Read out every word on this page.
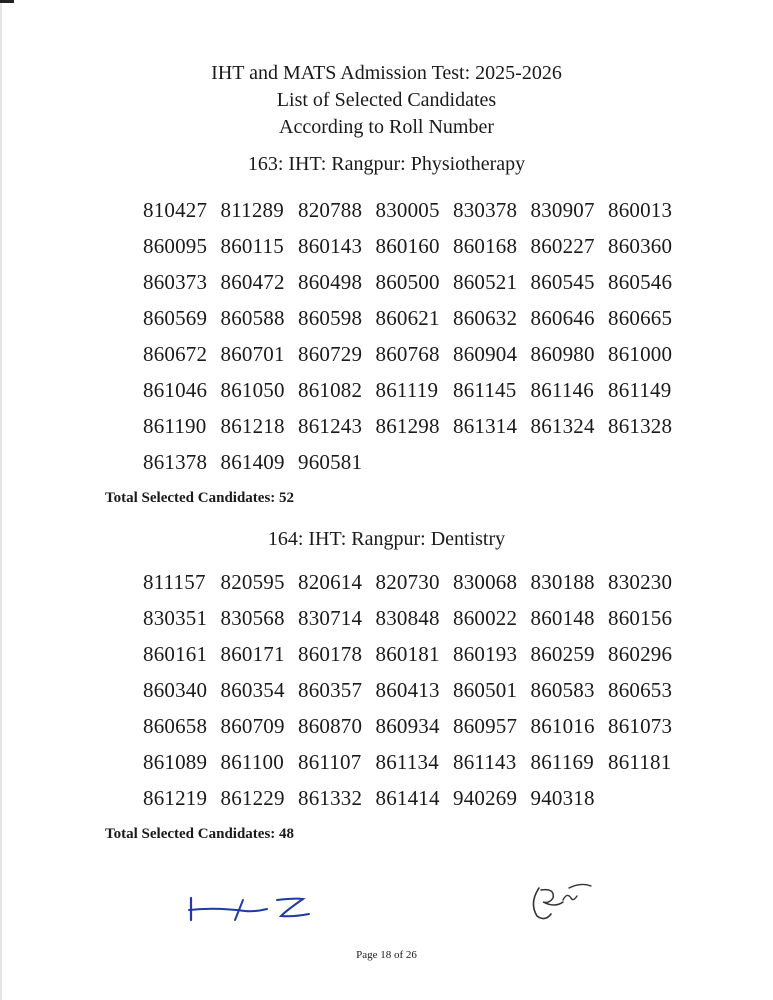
IHT and MATS Admission Test: 2025-2026
List of Selected Candidates
According to Roll Number
163: IHT: Rangpur: Physiotherapy
810427 811289 820788 830005 830378 830907 860013
860095 860115 860143 860160 860168 860227 860360
860373 860472 860498 860500 860521 860545 860546
860569 860588 860598 860621 860632 860646 860665
860672 860701 860729 860768 860904 860980 861000
861046 861050 861082 861119 861145 861146 861149
861190 861218 861243 861298 861314 861324 861328
861378 861409 960581
Total Selected Candidates: 52
164: IHT: Rangpur: Dentistry
811157 820595 820614 820730 830068 830188 830230
830351 830568 830714 830848 860022 860148 860156
860161 860171 860178 860181 860193 860259 860296
860340 860354 860357 860413 860501 860583 860653
860658 860709 860870 860934 860957 861016 861073
861089 861100 861107 861134 861143 861169 861181
861219 861229 861332 861414 940269 940318
Total Selected Candidates: 48
Page 18 of 26
